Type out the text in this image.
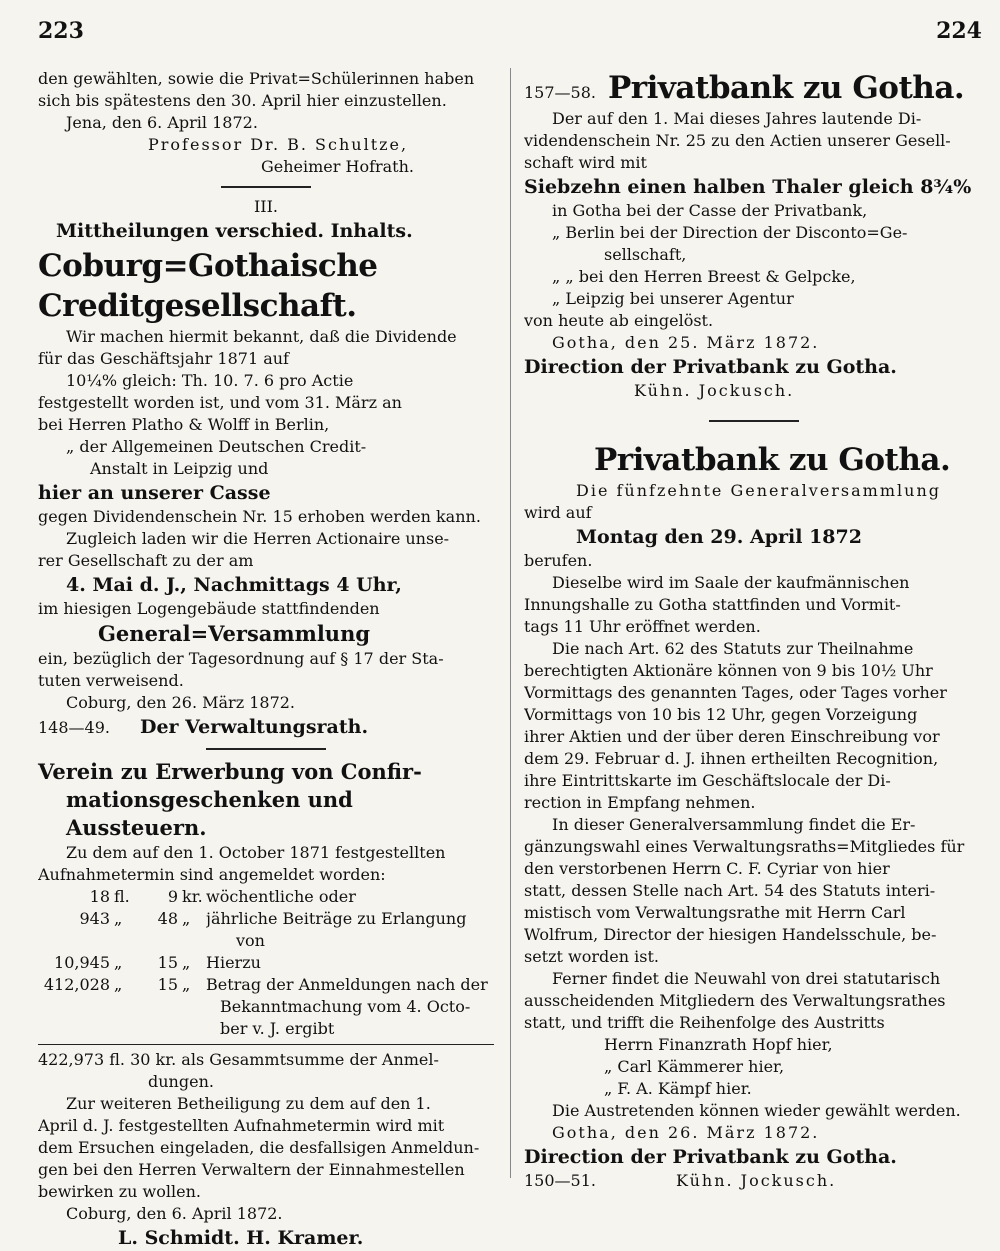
223	224
den gewählten, sowie die Privat=Schülerinnen haben
sich bis spätestens den 30. April hier einzustellen.
Jena, den 6. April 1872.
Professor Dr. B. Schultze,
Geheimer Hofrath.
III.
Mittheilungen verschied. Inhalts.
Coburg=Gothaische Creditgesellschaft.
Wir machen hiermit bekannt, daß die Dividende
für das Geschäftsjahr 1871 auf
10¼% gleich: Th. 10. 7. 6 pro Actie
festgestellt worden ist, und vom 31. März an
bei Herren Platho & Wolff in Berlin,
„ der Allgemeinen Deutschen Credit-
Anstalt in Leipzig und
hier an unserer Casse
gegen Dividendenschein Nr. 15 erhoben werden kann.
Zugleich laden wir die Herren Actionaire unse-
rer Gesellschaft zu der am
4. Mai d. J., Nachmittags 4 Uhr,
im hiesigen Logengebäude stattfindenden
General=Versammlung
ein, bezüglich der Tagesordnung auf § 17 der Sta-
tuten verweisend.
Coburg, den 26. März 1872.
148—49. Der Verwaltungsrath.
Verein zu Erwerbung von Confir-
mationsgeschenken und Aussteuern.
Zu dem auf den 1. October 1871 festgestellten
Aufnahmetermin sind angemeldet worden:
18 fl.	9 kr. wöchentliche oder
943 „	48 „ jährliche Beiträge zu Erlangung
von
10,945 „	15 „ Hierzu
412,028 „	15 „ Betrag der Anmeldungen nach der
Bekanntmachung vom 4. Octo-
ber v. J. ergibt
422,973 fl. 30 kr. als Gesammtsumme der Anmel-
dungen.
Zur weiteren Betheiligung zu dem auf den 1.
April d. J. festgestellten Aufnahmetermin wird mit
dem Ersuchen eingeladen, die desfallsigen Anmeldun-
gen bei den Herren Verwaltern der Einnahmestellen
bewirken zu wollen.
Coburg, den 6. April 1872.
L. Schmidt. H. Kramer.
157—58. Privatbank zu Gotha.
Der auf den 1. Mai dieses Jahres lautende Di-
videndenschein Nr. 25 zu den Actien unserer Gesell-
schaft wird mit
Siebzehn einen halben Thaler gleich 8¾%
in Gotha bei der Casse der Privatbank,
„ Berlin bei der Direction der Disconto=Ge-
sellschaft,
„ „ bei den Herren Breest & Gelpcke,
„ Leipzig bei unserer Agentur
von heute ab eingelöst.
Gotha, den 25. März 1872.
Direction der Privatbank zu Gotha.
Kühn. Jockusch.
Privatbank zu Gotha.
Die fünfzehnte Generalversammlung
wird auf
Montag den 29. April 1872
berufen.
Dieselbe wird im Saale der kaufmännischen
Innungshalle zu Gotha stattfinden und Vormit-
tags 11 Uhr eröffnet werden.
Die nach Art. 62 des Statuts zur Theilnahme
berechtigten Aktionäre können von 9 bis 10½ Uhr
Vormittags des genannten Tages, oder Tages vorher
Vormittags von 10 bis 12 Uhr, gegen Vorzeigung
ihrer Aktien und der über deren Einschreibung vor
dem 29. Februar d. J. ihnen ertheilten Recognition,
ihre Eintrittskarte im Geschäftslocale der Di-
rection in Empfang nehmen.
In dieser Generalversammlung findet die Er-
gänzungswahl eines Verwaltungsraths=Mitgliedes für
den verstorbenen Herrn C. F. Cyriar von hier
statt, dessen Stelle nach Art. 54 des Statuts interi-
mistisch vom Verwaltungsrathe mit Herrn Carl
Wolfrum, Director der hiesigen Handelsschule, be-
setzt worden ist.
Ferner findet die Neuwahl von drei statutarisch
ausscheidenden Mitgliedern des Verwaltungsrathes
statt, und trifft die Reihenfolge des Austritts
Herrn Finanzrath Hopf hier,
„ Carl Kämmerer hier,
„ F. A. Kämpf hier.
Die Austretenden können wieder gewählt werden.
Gotha, den 26. März 1872.
Direction der Privatbank zu Gotha.
150—51.	Kühn. Jockusch.
